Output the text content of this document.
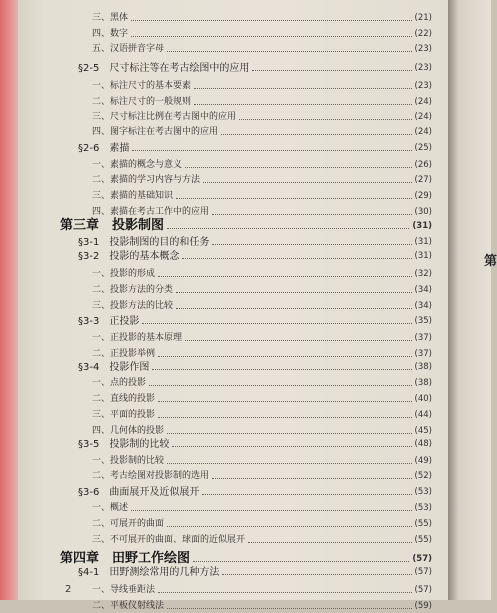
第
2
三、黑体	(21)
四、数字	(22)
五、汉语拼音字母	(23)
§2-5　尺寸标注等在考古绘图中的应用	(23)
一、标注尺寸的基本要素	(23)
二、标注尺寸的一般规则	(24)
三、尺寸标注比例在考古图中的应用	(24)
四、图字标注在考古图中的应用	(24)
§2-6　素描	(25)
一、素描的概念与意义	(26)
二、素描的学习内容与方法	(27)
三、素描的基础知识	(29)
四、素描在考古工作中的应用	(30)
第三章　投影制图	(31)
§3-1　投影制图的目的和任务	(31)
§3-2　投影的基本概念	(31)
一、投影的形成	(32)
二、投影方法的分类	(34)
三、投影方法的比较	(34)
§3-3　正投影	(35)
一、正投影的基本原理	(37)
二、正投影举例	(37)
§3-4　投影作图	(38)
一、点的投影	(38)
二、直线的投影	(40)
三、平面的投影	(44)
四、几何体的投影	(45)
§3-5　投影制的比较	(48)
一、投影制的比较	(49)
二、考古绘图对投影制的选用	(52)
§3-6　曲面展开及近似展开	(53)
一、概述	(53)
二、可展开的曲面	(55)
三、不可展开的曲面、球面的近似展开	(55)
第四章　田野工作绘图	(57)
§4-1　田野测绘常用的几种方法	(57)
一、导线垂距法	(57)
二、平板仪射线法	(59)
